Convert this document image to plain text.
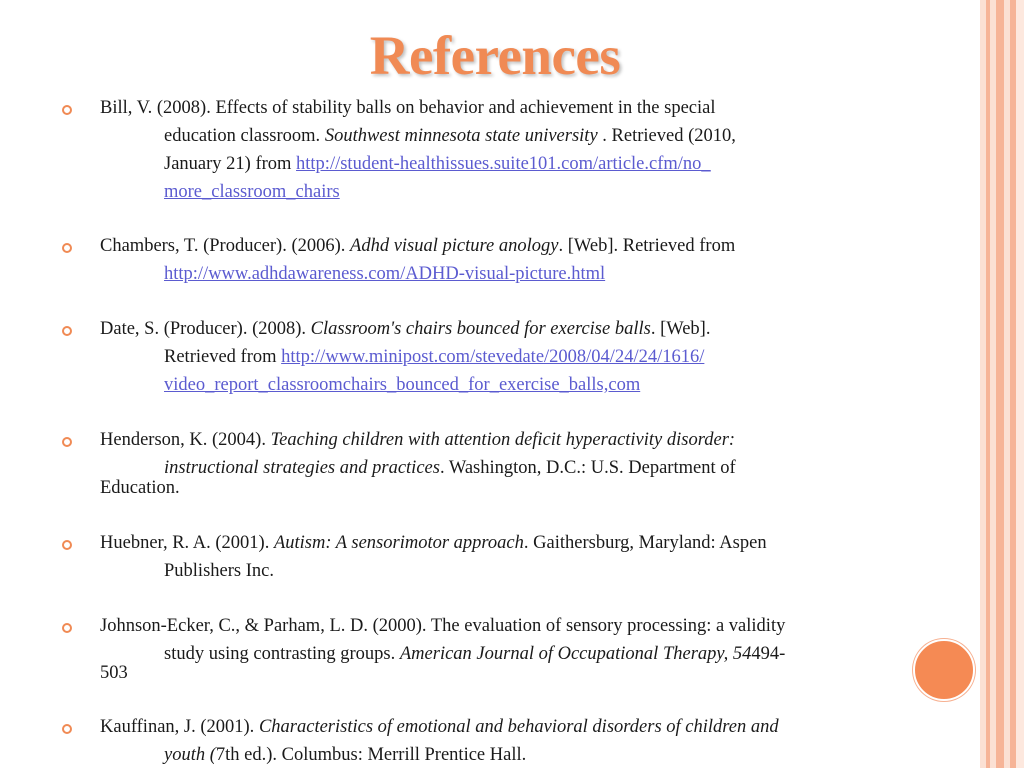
References
Bill, V. (2008). Effects of stability balls on behavior and achievement in the special
education classroom. Southwest minnesota state university . Retrieved (2010,
January 21) from http://student-healthissues.suite101.com/article.cfm/no_
more_classroom_chairs
Chambers, T. (Producer). (2006). Adhd visual picture anology. [Web]. Retrieved from
http://www.adhdawareness.com/ADHD-visual-picture.html
Date, S. (Producer). (2008). Classroom's chairs bounced for exercise balls. [Web].
Retrieved from http://www.minipost.com/stevedate/2008/04/24/24/1616/
video_report_classroomchairs_bounced_for_exercise_balls,com
Henderson, K. (2004). Teaching children with attention deficit hyperactivity disorder:
instructional strategies and practices. Washington, D.C.: U.S. Department of
Education.
Huebner, R. A. (2001). Autism: A sensorimotor approach. Gaithersburg, Maryland: Aspen
Publishers Inc.
Johnson-Ecker, C., & Parham, L. D. (2000). The evaluation of sensory processing: a validity
study using contrasting groups. American Journal of Occupational Therapy, 54494-
503
Kauffinan, J. (2001). Characteristics of emotional and behavioral disorders of children and
youth (7th ed.). Columbus: Merrill Prentice Hall.
